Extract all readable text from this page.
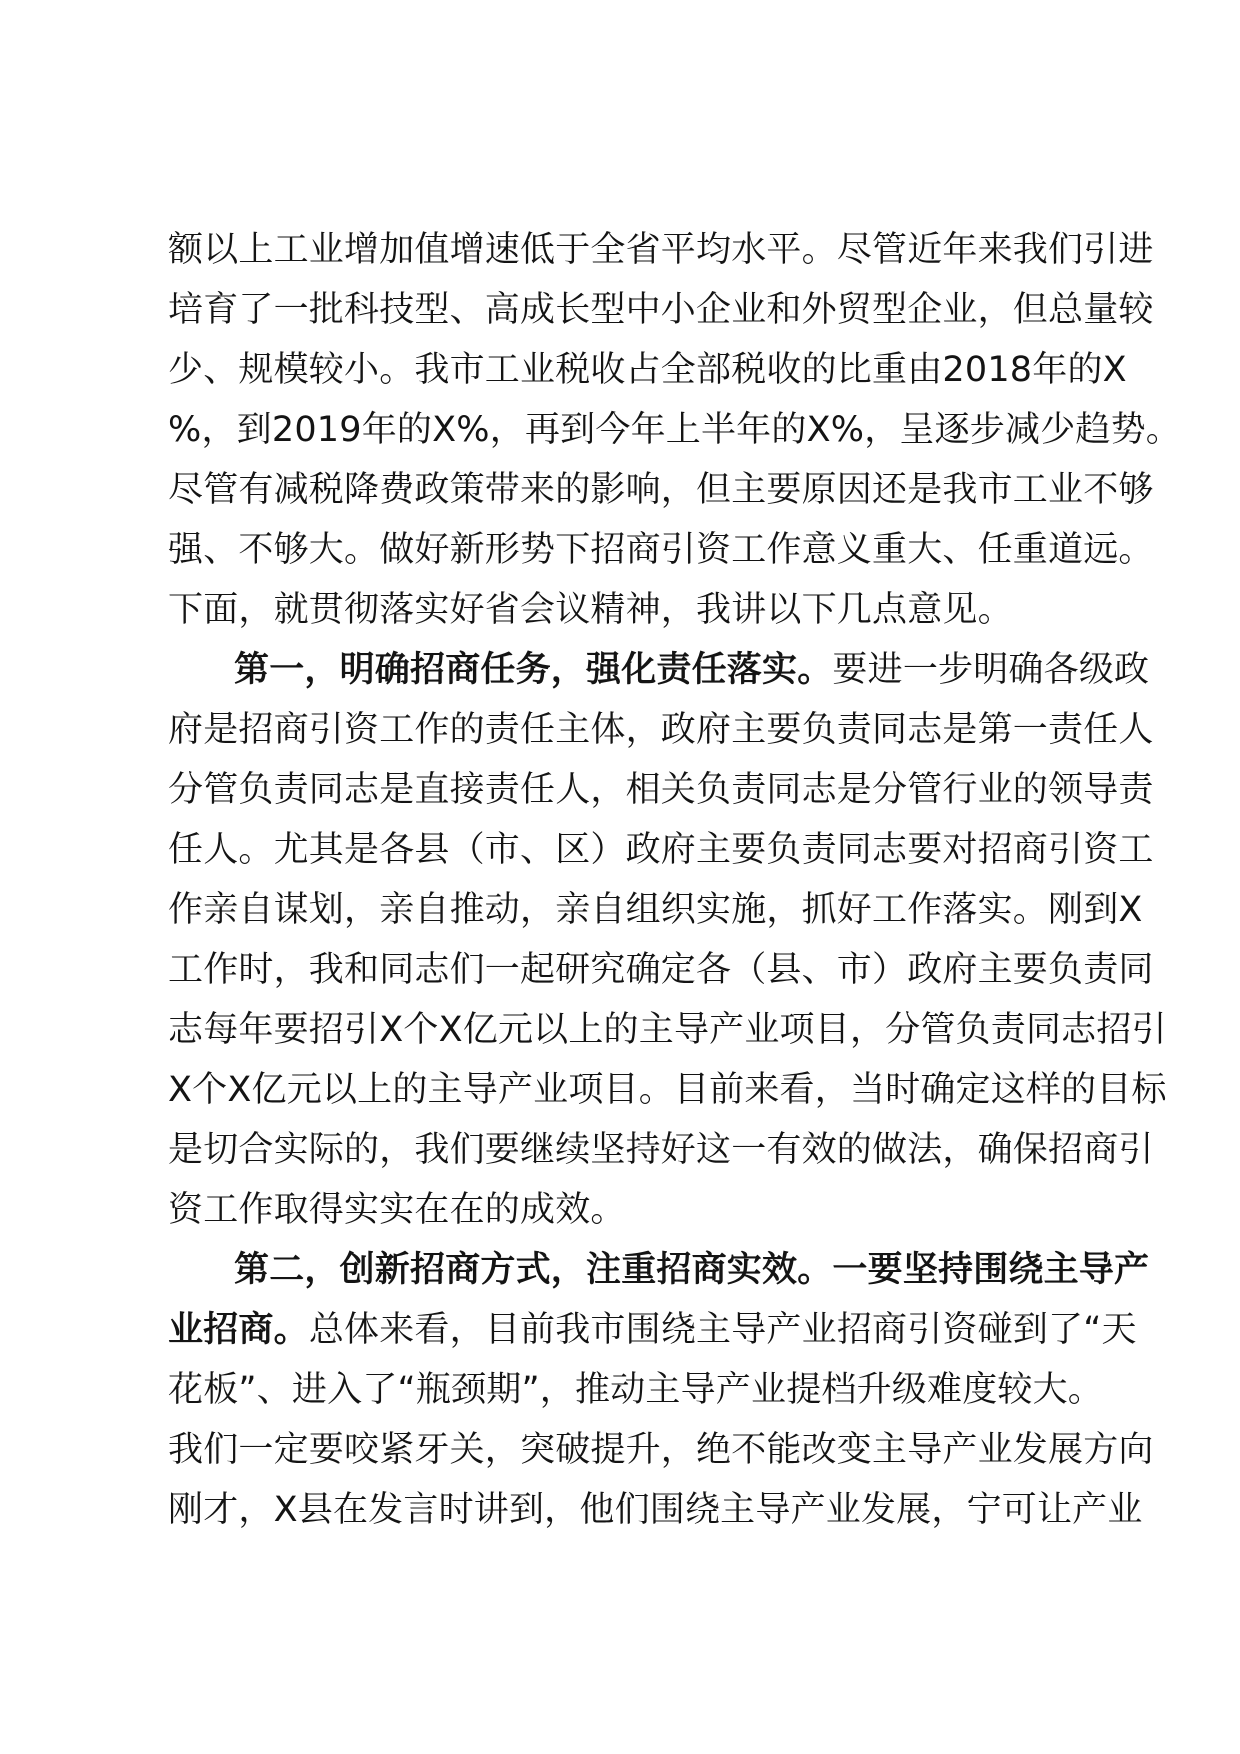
额以上工业增加值增速低于全省平均水平。尽管近年来我们引进
培育了一批科技型、高成长型中小企业和外贸型企业，但总量较
少、规模较小。我市工业税收占全部税收的比重由2018年的X
%，到2019年的X%，再到今年上半年的X%，呈逐步减少趋势。
尽管有减税降费政策带来的影响，但主要原因还是我市工业不够
强、不够大。做好新形势下招商引资工作意义重大、任重道远。
下面，就贯彻落实好省会议精神，我讲以下几点意见。
第一，明确招商任务，强化责任落实。要进一步明确各级政
府是招商引资工作的责任主体，政府主要负责同志是第一责任人
分管负责同志是直接责任人，相关负责同志是分管行业的领导责
任人。尤其是各县（市、区）政府主要负责同志要对招商引资工
作亲自谋划，亲自推动，亲自组织实施，抓好工作落实。刚到X
工作时，我和同志们一起研究确定各（县、市）政府主要负责同
志每年要招引X个X亿元以上的主导产业项目，分管负责同志招引
X个X亿元以上的主导产业项目。目前来看，当时确定这样的目标
是切合实际的，我们要继续坚持好这一有效的做法，确保招商引
资工作取得实实在在的成效。
第二，创新招商方式，注重招商实效。一要坚持围绕主导产
业招商。总体来看，目前我市围绕主导产业招商引资碰到了“天
花板”、进入了“瓶颈期”，推动主导产业提档升级难度较大。
我们一定要咬紧牙关，突破提升，绝不能改变主导产业发展方向
刚才，X县在发言时讲到，他们围绕主导产业发展，宁可让产业
